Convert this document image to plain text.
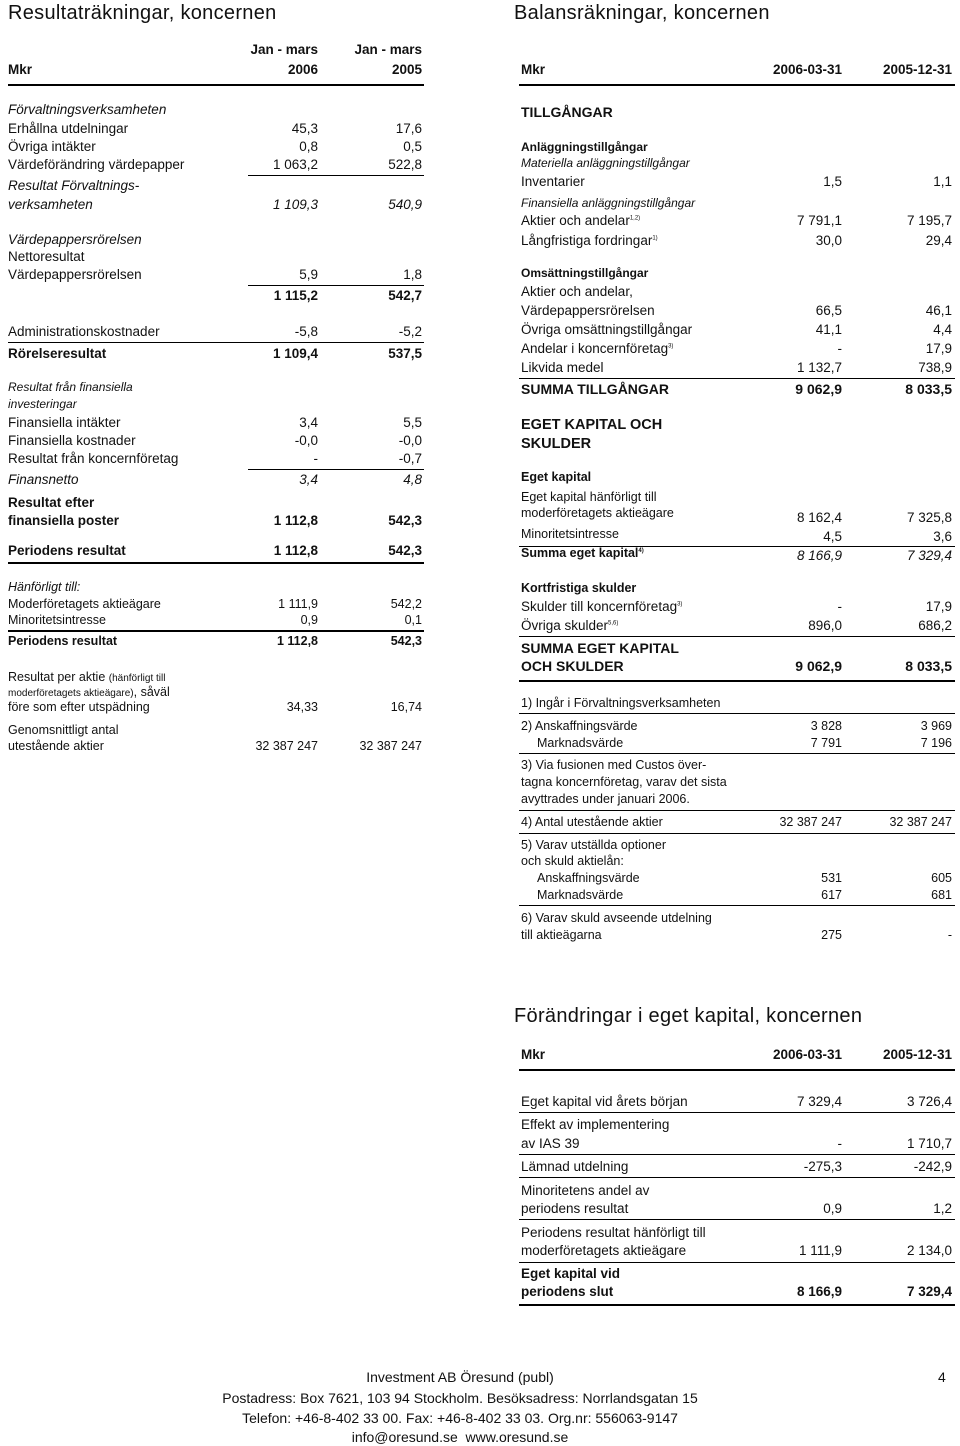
Resultaträkningar, koncernen
Jan - mars	Jan - mars
Mkr	2006	2005
Förvaltningsverksamheten
Erhållna utdelningar	45,3	17,6
Övriga intäkter	0,8	0,5
Värdeförändring värdepapper	1 063,2	522,8
Resultat Förvaltnings-
verksamheten	1 109,3	540,9
Värdepappersrörelsen
Nettoresultat
Värdepappersrörelsen	5,9	1,8
1 115,2	542,7
Administrationskostnader	-5,8	-5,2
Rörelseresultat	1 109,4	537,5
Resultat från finansiella
investeringar
Finansiella intäkter	3,4	5,5
Finansiella kostnader	-0,0	-0,0
Resultat från koncernföretag	-	-0,7
Finansnetto	3,4	4,8
Resultat efter
finansiella poster	1 112,8	542,3
Periodens resultat	1 112,8	542,3
Hänförligt till:
Moderföretagets aktieägare	1 111,9	542,2
Minoritetsintresse	0,9	0,1
Periodens resultat	1 112,8	542,3
Resultat per aktie (hänförligt till
moderföretagets aktieägare), såväl
före som efter utspädning	34,33	16,74
Genomsnittligt antal
utestående aktier	32 387 247	32 387 247
Balansräkningar, koncernen
Mkr	2006-03-31	2005-12-31
TILLGÅNGAR
Anläggningstillgångar
Materiella anläggningstillgångar
Inventarier	1,5	1,1
Finansiella anläggningstillgångar
Aktier och andelar$^{1,2)}$	7 791,1	7 195,7
Långfristiga fordringar$^{1)}$	30,0	29,4
Omsättningstillgångar
Aktier och andelar,
Värdepappersrörelsen	66,5	46,1
Övriga omsättningstillgångar	41,1	4,4
Andelar i koncernföretag$^{3)}$	-	17,9
Likvida medel	1 132,7	738,9
SUMMA TILLGÅNGAR	9 062,9	8 033,5
EGET KAPITAL OCH
SKULDER
Eget kapital
Eget kapital hänförligt till
moderföretagets aktieägare	8 162,4	7 325,8
Minoritetsintresse	4,5	3,6
Summa eget kapital$^{4)}$	8 166,9	7 329,4
Kortfristiga skulder
Skulder till koncernföretag$^{3)}$	-	17,9
Övriga skulder$^{5,6)}$	896,0	686,2
SUMMA EGET KAPITAL
OCH SKULDER	9 062,9	8 033,5
1) Ingår i Förvaltningsverksamheten
2) Anskaffningsvärde	3 828	3 969
Marknadsvärde	7 791	7 196
3) Via fusionen med Custos över-
tagna koncernföretag, varav det sista
avyttrades under januari 2006.
4) Antal utestående aktier	32 387 247	32 387 247
5) Varav utställda optioner
och skuld aktielån:
Anskaffningsvärde	531	605
Marknadsvärde	617	681
6) Varav skuld avseende utdelning
till aktieägarna	275	-
Förändringar i eget kapital, koncernen
Mkr	2006-03-31	2005-12-31
Eget kapital vid årets början	7 329,4	3 726,4
Effekt av implementering
av IAS 39	-	1 710,7
Lämnad utdelning	-275,3	-242,9
Minoritetens andel av
periodens resultat	0,9	1,2
Periodens resultat hänförligt till
moderföretagets aktieägare	1 111,9	2 134,0
Eget kapital vid
periodens slut	8 166,9	7 329,4
Investment AB Öresund (publ)	4
Postadress: Box 7621, 103 94 Stockholm. Besöksadress: Norrlandsgatan 15
Telefon: +46-8-402 33 00. Fax: +46-8-402 33 03. Org.nr: 556063-9147
info@oresund.se  www.oresund.se
